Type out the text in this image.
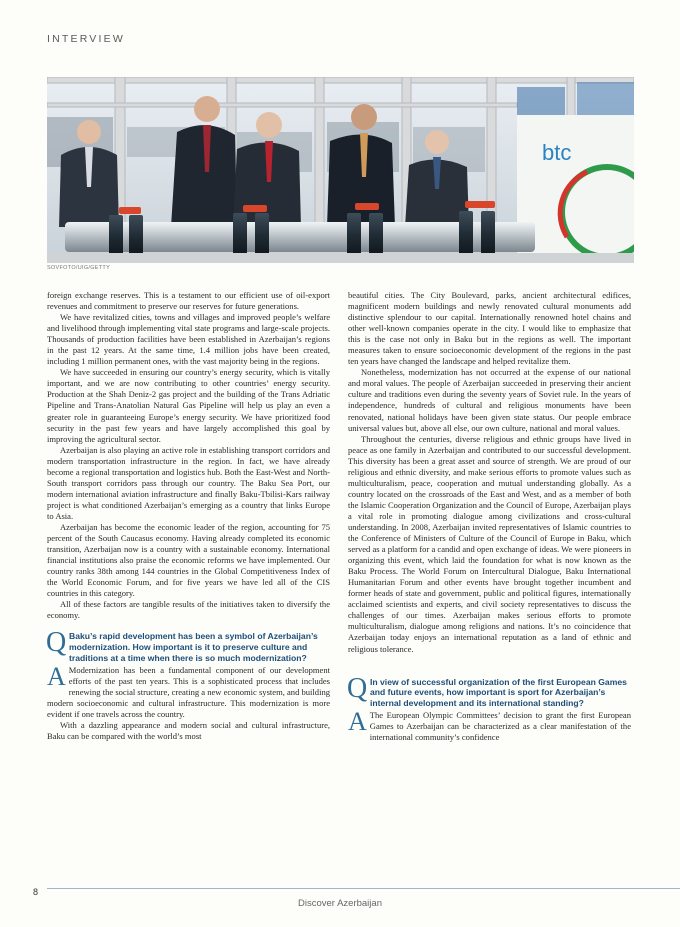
INTERVIEW
btc
SOVFOTO/UIG/GETTY

foreign exchange reserves. This is a testament to our efficient use of oil-export revenues and commitment to preserve our reserves for future generations.

We have revitalized cities, towns and villages and improved people’s welfare and livelihood through implementing vital state programs and large-scale projects. Thousands of production facilities have been established in Azerbaijan’s regions in the past 12 years. At the same time, 1.4 million jobs have been created, including 1 million permanent ones, with the vast majority being in the regions.

We have succeeded in ensuring our country’s energy security, which is vitally important, and we are now contributing to other countries’ energy security. Production at the Shah Deniz-2 gas project and the building of the Trans Adriatic Pipeline and Trans-Anatolian Natural Gas Pipeline will help us play an even a greater role in guaranteeing Europe’s energy security. We have prioritized food security in the past few years and have largely accomplished this goal by improving the agricultural sector.

Azerbaijan is also playing an active role in establishing transport corridors and modern transportation infrastructure in the region. In fact, we have already become a regional transportation and logistics hub. Both the East-West and North-South transport corridors pass through our country. The Baku Sea Port, our modern international aviation infrastructure and finally Baku-Tbilisi-Kars railway project is what conditioned Azerbaijan’s emerging as a country that links Europe to Asia.

Azerbaijan has become the economic leader of the region, accounting for 75 percent of the South Caucasus economy. Having already completed its economic transition, Azerbaijan now is a country with a sustainable economy. International financial institutions also praise the economic reforms we have implemented. Our country ranks 38th among 144 countries in the Global Competitiveness Index of the World Economic Forum, and for five years we have led all of the CIS countries in this category.

All of these factors are tangible results of the initiatives taken to diversify the economy.

Q Baku’s rapid development has been a symbol of Azerbaijan’s modernization. How important is it to preserve culture and traditions at a time when there is so much modernization?
A Modernization has been a fundamental component of our development efforts of the past ten years. This is a sophisticated process that includes renewing the social structure, creating a new economic system, and building modern socioeconomic and cultural infrastructure. This modernization is more evident if one travels across the country.

With a dazzling appearance and modern social and cultural infrastructure, Baku can be compared with the world’s most

beautiful cities. The City Boulevard, parks, ancient architectural edifices, magnificent modern buildings and newly renovated cultural monuments add distinctive splendour to our capital. Internationally renowned hotel chains and other well-known companies operate in the city. I would like to emphasize that this is the case not only in Baku but in the regions as well. The important measures taken to ensure socioeconomic development of the regions in the past ten years have changed the landscape and helped revitalize them.

Nonetheless, modernization has not occurred at the expense of our national and moral values. The people of Azerbaijan succeeded in preserving their ancient culture and traditions even during the seventy years of Soviet rule. In the years of independence, hundreds of cultural and religious monuments have been renovated, national holidays have been given state status. Our people embrace universal values but, above all else, our own culture, national and moral values.

Throughout the centuries, diverse religious and ethnic groups have lived in peace as one family in Azerbaijan and contributed to our successful development. This diversity has been a great asset and source of strength. We are proud of our religious and ethnic diversity, and make serious efforts to promote values such as multiculturalism, peace, cooperation and mutual understanding globally. As a country located on the crossroads of the East and West, and as a member of both the Islamic Cooperation Organization and the Council of Europe, Azerbaijan plays a vital role in promoting dialogue among civilizations and cross-cultural understanding. In 2008, Azerbaijan invited representatives of Islamic countries to the Conference of Ministers of Culture of the Council of Europe in Baku, which served as a platform for a candid and open exchange of ideas. We were pioneers in organizing this event, which laid the foundation for what is now known as the Baku Process. The World Forum on Intercultural Dialogue, Baku International Humanitarian Forum and other events have brought together incumbent and former heads of state and government, public and political figures, internationally acclaimed scientists and experts, and civil society representatives to discuss the challenges of our times. Azerbaijan makes serious efforts to promote multiculturalism, dialogue among religions and nations. It’s no coincidence that Azerbaijan today enjoys an international reputation as a land of ethnic and religious tolerance.

Q In view of successful organization of the first European Games and future events, how important is sport for Azerbaijan’s internal development and its international standing?
A The European Olympic Committees’ decision to grant the first European Games to Azerbaijan can be characterized as a clear manifestation of the international community’s confidence

8
Discover Azerbaijan
